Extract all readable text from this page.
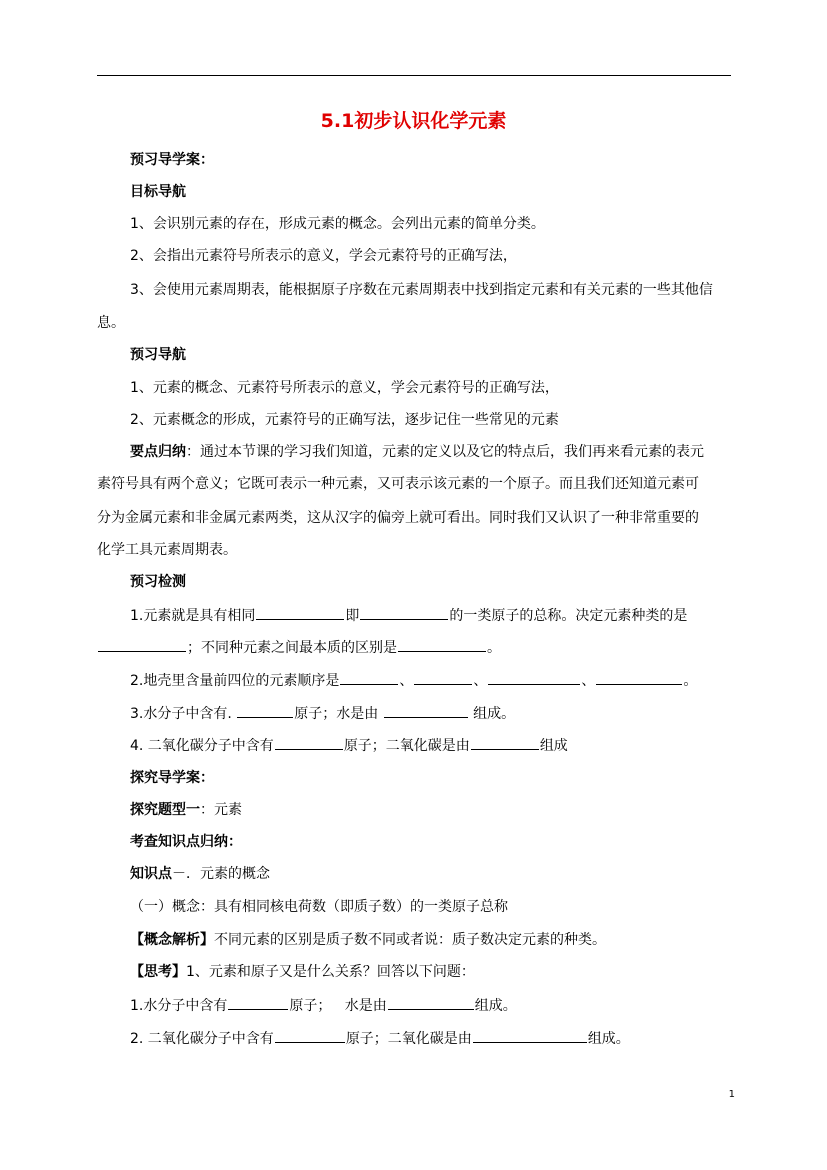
5.1初步认识化学元素
预习导学案：
目标导航
1、会识别元素的存在，形成元素的概念。会列出元素的简单分类。
2、会指出元素符号所表示的意义，学会元素符号的正确写法，
3、会使用元素周期表，能根据原子序数在元素周期表中找到指定元素和有关元素的一些其他信
息。
预习导航
1、元素的概念、元素符号所表示的意义，学会元素符号的正确写法，
2、元素概念的形成，元素符号的正确写法，逐步记住一些常见的元素
要点归纳：通过本节课的学习我们知道，元素的定义以及它的特点后，我们再来看元素的表元
素符号具有两个意义；它既可表示一种元素，又可表示该元素的一个原子。而且我们还知道元素可
分为金属元素和非金属元素两类，这从汉字的偏旁上就可看出。同时我们又认识了一种非常重要的
化学工具元素周期表。
预习检测
1.元素就是具有相同	即	的一类原子的总称。决定元素种类的是
；不同种元素之间最本质的区别是	。
2.地壳里含量前四位的元素顺序是	、	、	、	。
3.水分子中含有.	原子；水是由	组成。
4. 二氧化碳分子中含有	原子；二氧化碳是由	组成
探究导学案：
探究题型一：元素
考查知识点归纳：
知识点－．元素的概念
（一）概念：具有相同核电荷数（即质子数）的一类原子总称
【概念解析】不同元素的区别是质子数不同或者说：质子数决定元素的种类。
【思考】1、元素和原子又是什么关系？回答以下问题：
1.水分子中含有	原子； 水是由	组成。
2. 二氧化碳分子中含有	原子；二氧化碳是由	组成。
1
